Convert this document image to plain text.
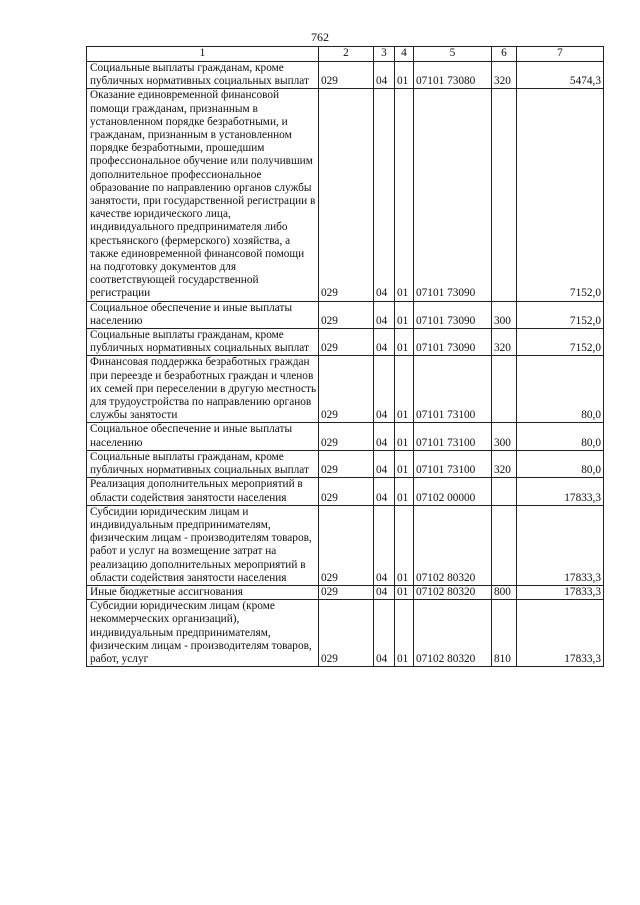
762
1	2	3	4	5	6	7
Социальные выплаты гражданам, кроме публичных нормативных социальных выплат	029	04	01	07101 73080	320	5474,3
Оказание единовременной финансовой помощи гражданам, признанным в установленном порядке безработными, и гражданам, признанным в установленном порядке безработными, прошедшим профессиональное обучение или получившим дополнительное профессиональное образование по направлению органов службы занятости, при государственной регистрации в качестве юридического лица, индивидуального предпринимателя либо крестьянского (фермерского) хозяйства, а также единовременной финансовой помощи на подготовку документов для соответствующей государственной регистрации	029	04	01	07101 73090		7152,0
Социальное обеспечение и иные выплаты населению	029	04	01	07101 73090	300	7152,0
Социальные выплаты гражданам, кроме публичных нормативных социальных выплат	029	04	01	07101 73090	320	7152,0
Финансовая поддержка безработных граждан при переезде и безработных граждан и членов их семей при переселении в другую местность для трудоустройства по направлению органов службы занятости	029	04	01	07101 73100		80,0
Социальное обеспечение и иные выплаты населению	029	04	01	07101 73100	300	80,0
Социальные выплаты гражданам, кроме публичных нормативных социальных выплат	029	04	01	07101 73100	320	80,0
Реализация дополнительных мероприятий в области содействия занятости населения	029	04	01	07102 00000		17833,3
Субсидии юридическим лицам и индивидуальным предпринимателям, физическим лицам - производителям товаров, работ и услуг на возмещение затрат на реализацию дополнительных мероприятий в области содействия занятости населения	029	04	01	07102 80320		17833,3
Иные бюджетные ассигнования	029	04	01	07102 80320	800	17833,3
Субсидии юридическим лицам (кроме некоммерческих организаций), индивидуальным предпринимателям, физическим лицам - производителям товаров, работ, услуг	029	04	01	07102 80320	810	17833,3
